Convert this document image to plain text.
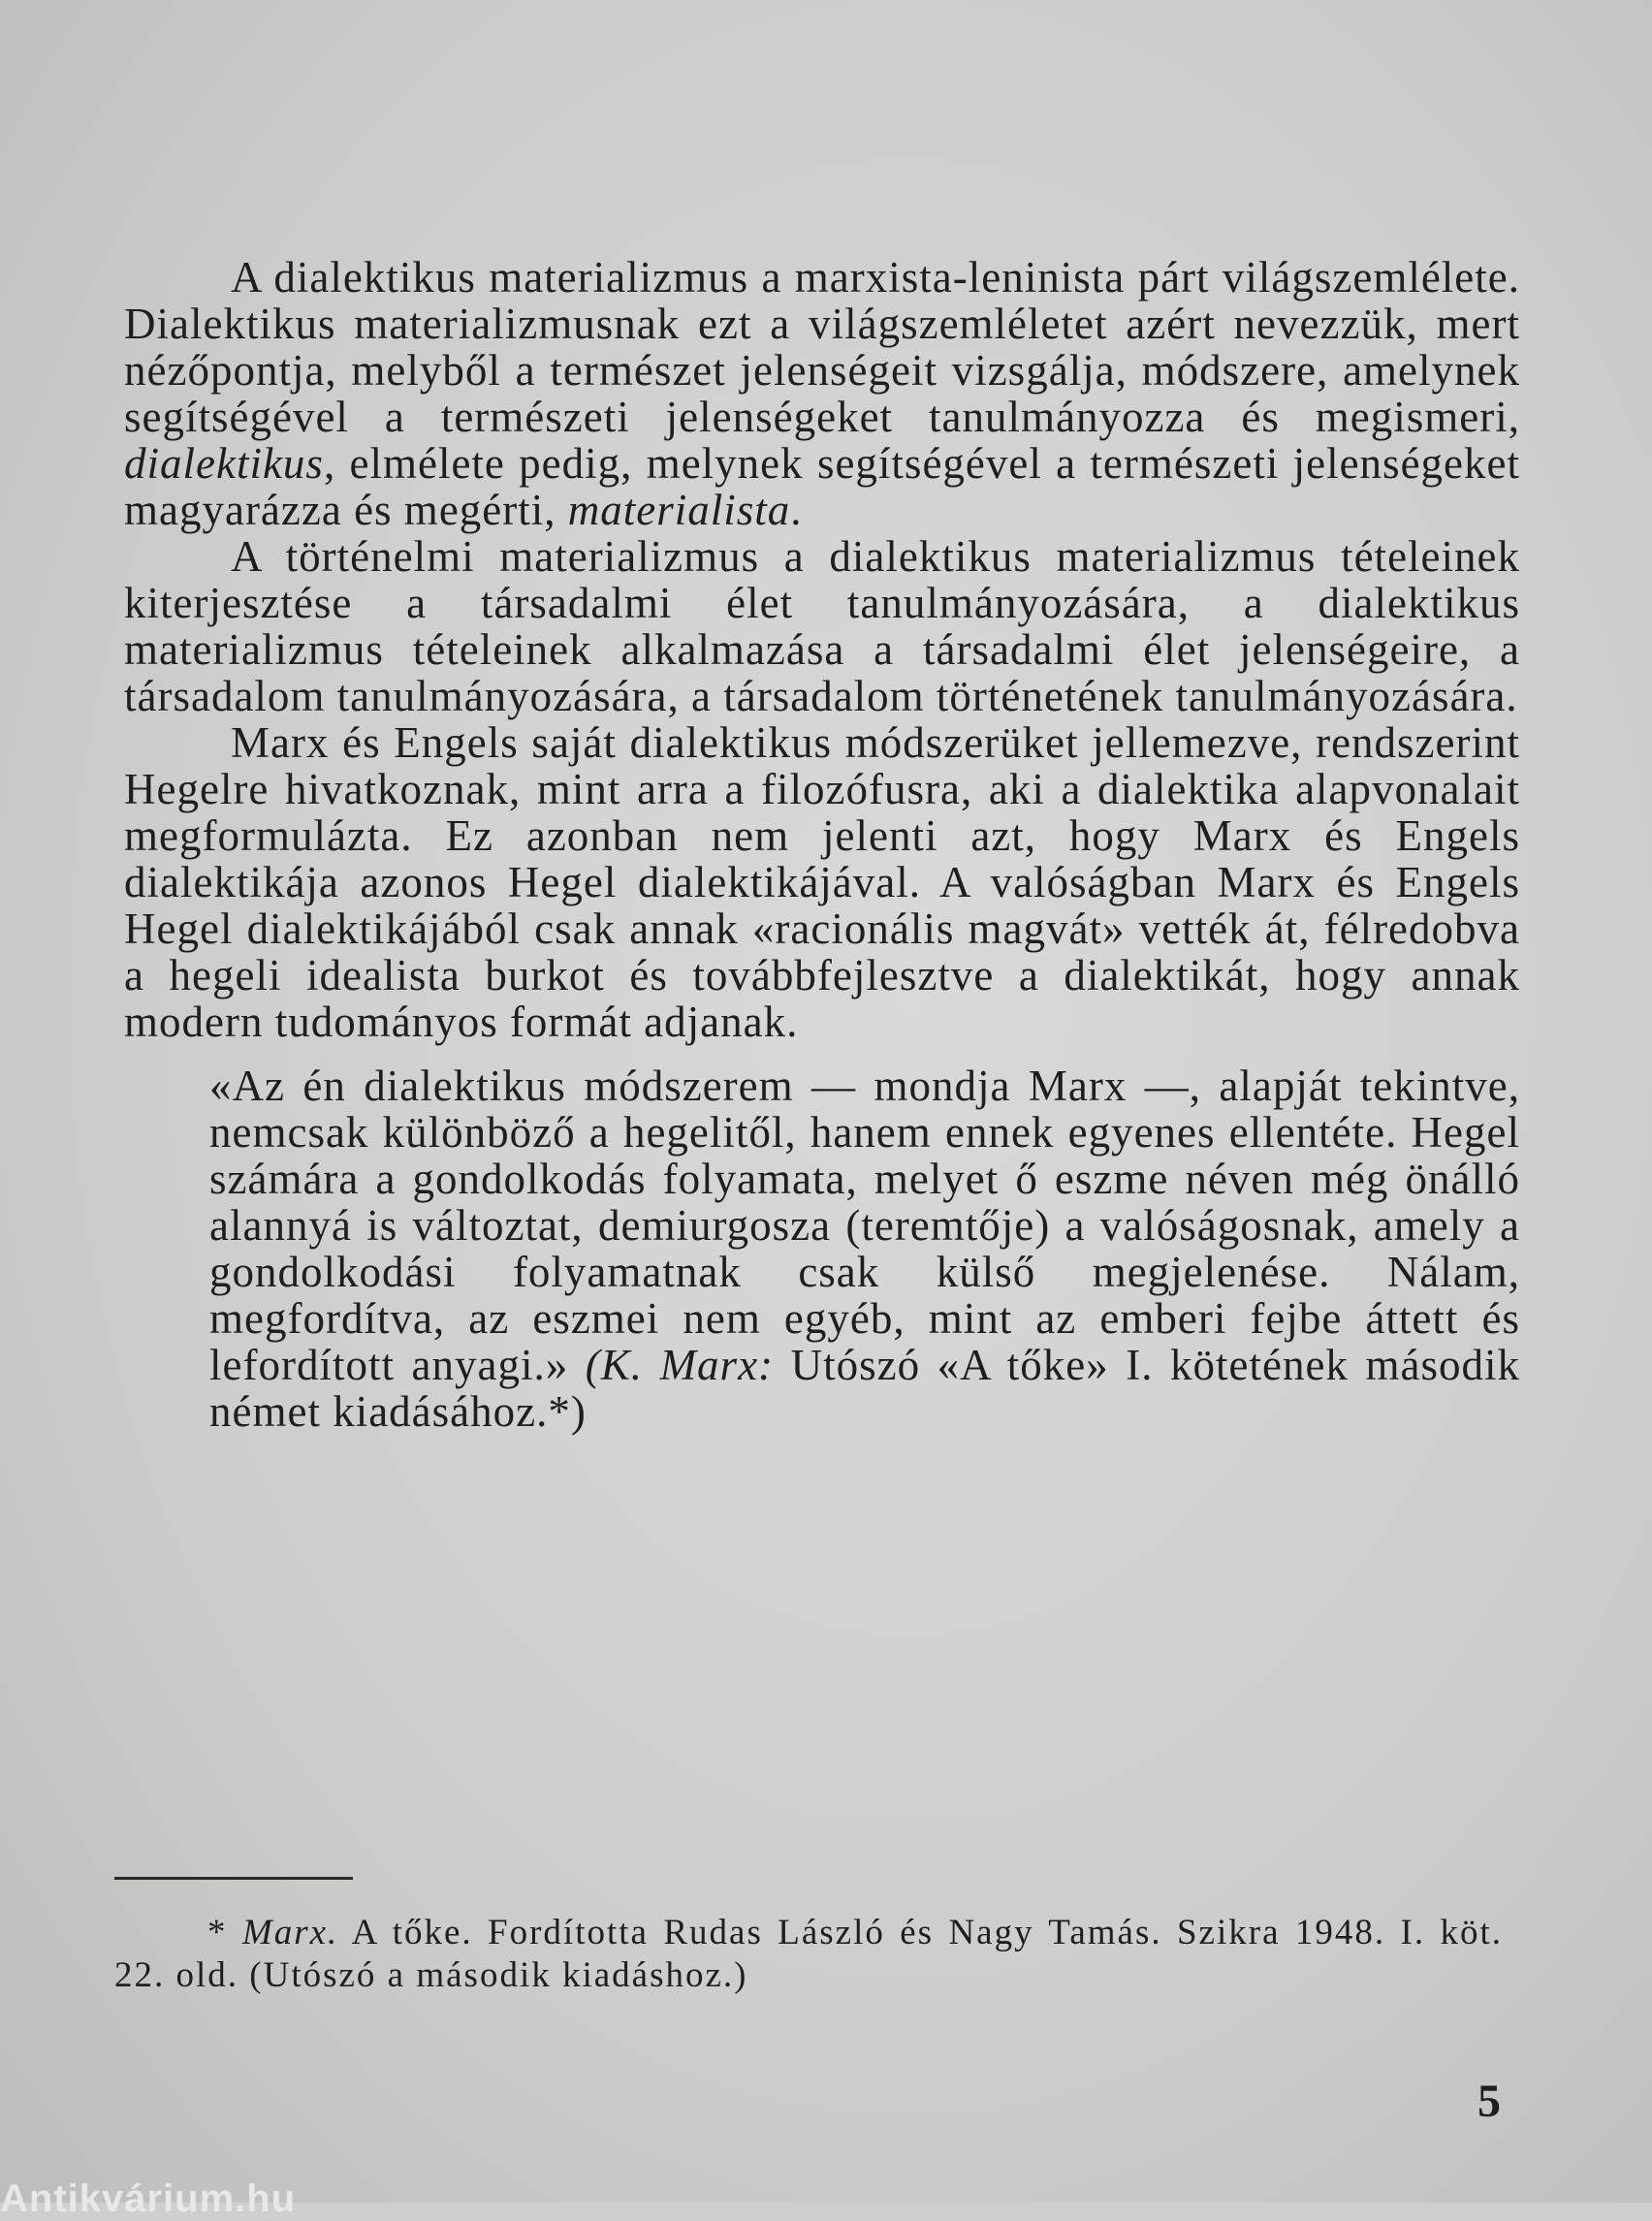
A dialektikus materializmus a marxista-leninista párt világszemlélete. Dialektikus materializmusnak ezt a világszemléletet azért nevezzük, mert nézőpontja, melyből a természet jelenségeit vizsgálja, módszere, amelynek segítségével a természeti jelenségeket tanulmányozza és megismeri, dialektikus, elmélete pedig, melynek segítségével a természeti jelenségeket magyarázza és megérti, materialista.

A történelmi materializmus a dialektikus materializmus tételeinek kiterjesztése a társadalmi élet tanulmányozására, a dialektikus materializmus tételeinek alkalmazása a társadalmi élet jelenségeire, a társadalom tanulmányozására, a társadalom történetének tanulmányozására.

Marx és Engels saját dialektikus módszerüket jellemezve, rendszerint Hegelre hivatkoznak, mint arra a filozófusra, aki a dialektika alapvonalait megformulázta. Ez azonban nem jelenti azt, hogy Marx és Engels dialektikája azonos Hegel dialektikájával. A valóságban Marx és Engels Hegel dialektikájából csak annak «racionális magvát» vették át, félredobva a hegeli idealista burkot és továbbfejlesztve a dialektikát, hogy annak modern tudományos formát adjanak.

«Az én dialektikus módszerem — mondja Marx —, alapját tekintve, nemcsak különböző a hegelitől, hanem ennek egyenes ellentéte. Hegel számára a gondolkodás folyamata, melyet ő eszme néven még önálló alannyá is változtat, demiurgosza (teremtője) a valóságosnak, amely a gondolkodási folyamatnak csak külső megjelenése. Nálam, megfordítva, az eszmei nem egyéb, mint az emberi fejbe áttett és lefordított anyagi.» (K. Marx: Utószó «A tőke» I. kötetének második német kiadásához.*)

* Marx. A tőke. Fordította Rudas László és Nagy Tamás. Szikra 1948. I. köt. 22. old. (Utószó a második kiadáshoz.)

5
Antikvárium.hu
